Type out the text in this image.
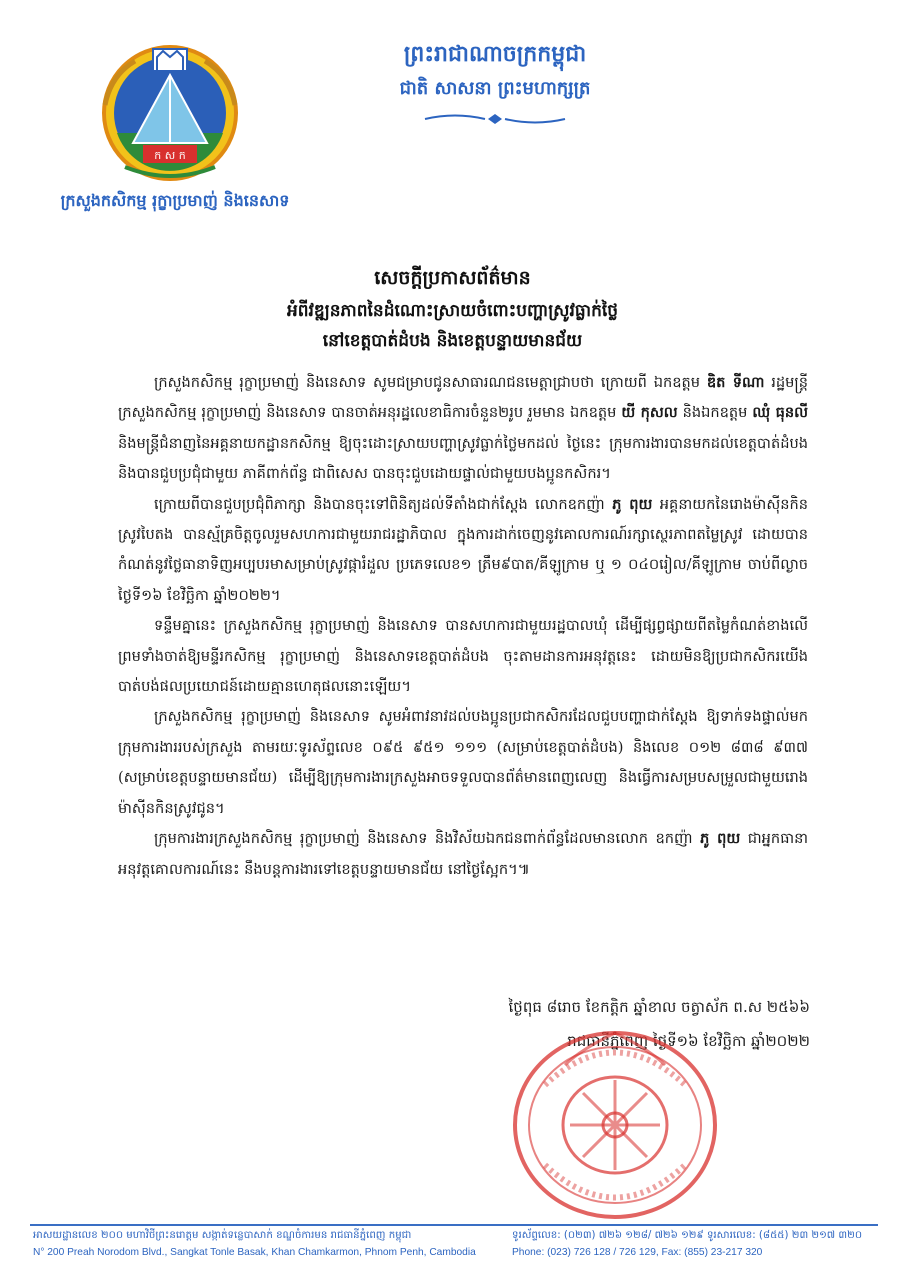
ក ស ក
ក្រសួងកសិកម្ម រុក្ខាប្រមាញ់ និងនេសាទ
ព្រះរាជាណាចក្រកម្ពុជា
ជាតិ សាសនា ព្រះមហាក្សត្រ
សេចក្តីប្រកាសព័ត៌មាន
អំពីវឌ្ឍនភាពនៃដំណោះស្រាយចំពោះបញ្ហាស្រូវធ្លាក់ថ្លៃ
នៅខេត្តបាត់ដំបង និងខេត្តបន្ទាយមានជ័យ

ក្រសួងកសិកម្ម រុក្ខាប្រមាញ់ និងនេសាទ សូមជម្រាបជូនសាធារណជនមេត្តាជ្រាបថា ក្រោយពី ឯកឧត្តម ឌិត ទីណា រដ្ឋមន្ត្រីក្រសួងកសិកម្ម រុក្ខាប្រមាញ់ និងនេសាទ បានចាត់អនុរដ្ឋលេខាធិការចំនួន២រូប រួមមាន ឯកឧត្តម យី កុសល និងឯកឧត្តម ឈុំ ធុនលី និងមន្ត្រីជំនាញនៃអគ្គនាយកដ្ឋានកសិកម្ម ឱ្យចុះដោះស្រាយបញ្ហាស្រូវធ្លាក់ថ្លៃមកដល់ ថ្ងៃនេះ ក្រុមការងារបានមកដល់ខេត្តបាត់ដំបង និងបានជួបប្រជុំជាមួយ ភាគីពាក់ព័ន្ធ ជាពិសេស បានចុះជួបដោយផ្ទាល់ជាមួយបងប្អូនកសិករ។

ក្រោយពីបានជួបប្រជុំពិភាក្សា និងបានចុះទៅពិនិត្យដល់ទីតាំងជាក់ស្តែង លោកឧកញ៉ា ភូ ពុយ អគ្គនាយកនៃរោងម៉ាស៊ីនកិនស្រូវបៃតង បានស្ម័គ្រចិត្តចូលរួមសហការជាមួយរាជរដ្ឋាភិបាល ក្នុងការដាក់ចេញនូវគោលការណ៍រក្សាស្ថេរភាពតម្លៃស្រូវ ដោយបានកំណត់នូវថ្លៃធានាទិញអប្បបរមាសម្រាប់ស្រូវផ្ការំដួល ប្រភេទលេខ១ ត្រឹម៩បាត/គីឡូក្រាម ឬ ១ ០៤០រៀល/គីឡូក្រាម ចាប់ពីល្ងាចថ្ងៃទី១៦ ខែវិច្ឆិកា ឆ្នាំ២០២២។

ទន្ទឹមគ្នានេះ ក្រសួងកសិកម្ម រុក្ខាប្រមាញ់ និងនេសាទ បានសហការជាមួយរដ្ឋបាលឃុំ ដើម្បីផ្សព្វផ្សាយពីតម្លៃកំណត់ខាងលើ ព្រមទាំងចាត់ឱ្យមន្ទីរកសិកម្ម រុក្ខាប្រមាញ់ និងនេសាទខេត្តបាត់ដំបង ចុះតាមដានការអនុវត្តនេះ ដោយមិនឱ្យប្រជាកសិករយើងបាត់បង់ផលប្រយោជន៍ដោយគ្មានហេតុផលនោះឡើយ។

ក្រសួងកសិកម្ម រុក្ខាប្រមាញ់ និងនេសាទ សូមអំពាវនាវដល់បងប្អូនប្រជាកសិករដែលជួបបញ្ហាជាក់ស្តែង ឱ្យទាក់ទងផ្ទាល់មកក្រុមការងាររបស់ក្រសួង តាមរយៈទូរស័ព្ទលេខ ០៩៥ ៩៥១ ១១១ (សម្រាប់ខេត្តបាត់ដំបង) និងលេខ ០១២ ៨៣៨ ៩៣៧ (សម្រាប់ខេត្តបន្ទាយមានជ័យ) ដើម្បីឱ្យក្រុមការងារក្រសួងអាចទទួលបានព័ត៌មានពេញលេញ និងធ្វើការសម្របសម្រួលជាមួយរោងម៉ាស៊ីនកិនស្រូវជូន។

ក្រុមការងារក្រសួងកសិកម្ម រុក្ខាប្រមាញ់ និងនេសាទ និងវិស័យឯកជនពាក់ព័ន្ធដែលមានលោក ឧកញ៉ា ភូ ពុយ ជាអ្នកធានាអនុវត្តគោលការណ៍នេះ នឹងបន្តការងារទៅខេត្តបន្ទាយមានជ័យ នៅថ្ងៃស្អែក។៕

ថ្ងៃពុធ ៨រោច ខែកត្តិក ឆ្នាំខាល ចត្វាស័ក ព.ស ២៥៦៦
រាជធានីភ្នំពេញ ថ្ងៃទី១៦ ខែវិច្ឆិកា ឆ្នាំ២០២២
អាសយដ្ឋានលេខ ២០០ មហាវិថីព្រះនរោត្តម សង្កាត់ទន្លេបាសាក់ ខណ្ឌចំការមន រាជធានីភ្នំពេញ កម្ពុជា
N° 200 Preah Norodom Blvd., Sangkat Tonle Basak, Khan Chamkarmon, Phnom Penh, Cambodia
ទូរស័ព្ទលេខ: (០២៣) ៧២៦ ១២៨/ ៧២៦ ១២៩ ទូរសារលេខ: (៨៥៥) ២៣ ២១៧ ៣២០
Phone: (023) 726 128 / 726 129, Fax: (855) 23-217 320
